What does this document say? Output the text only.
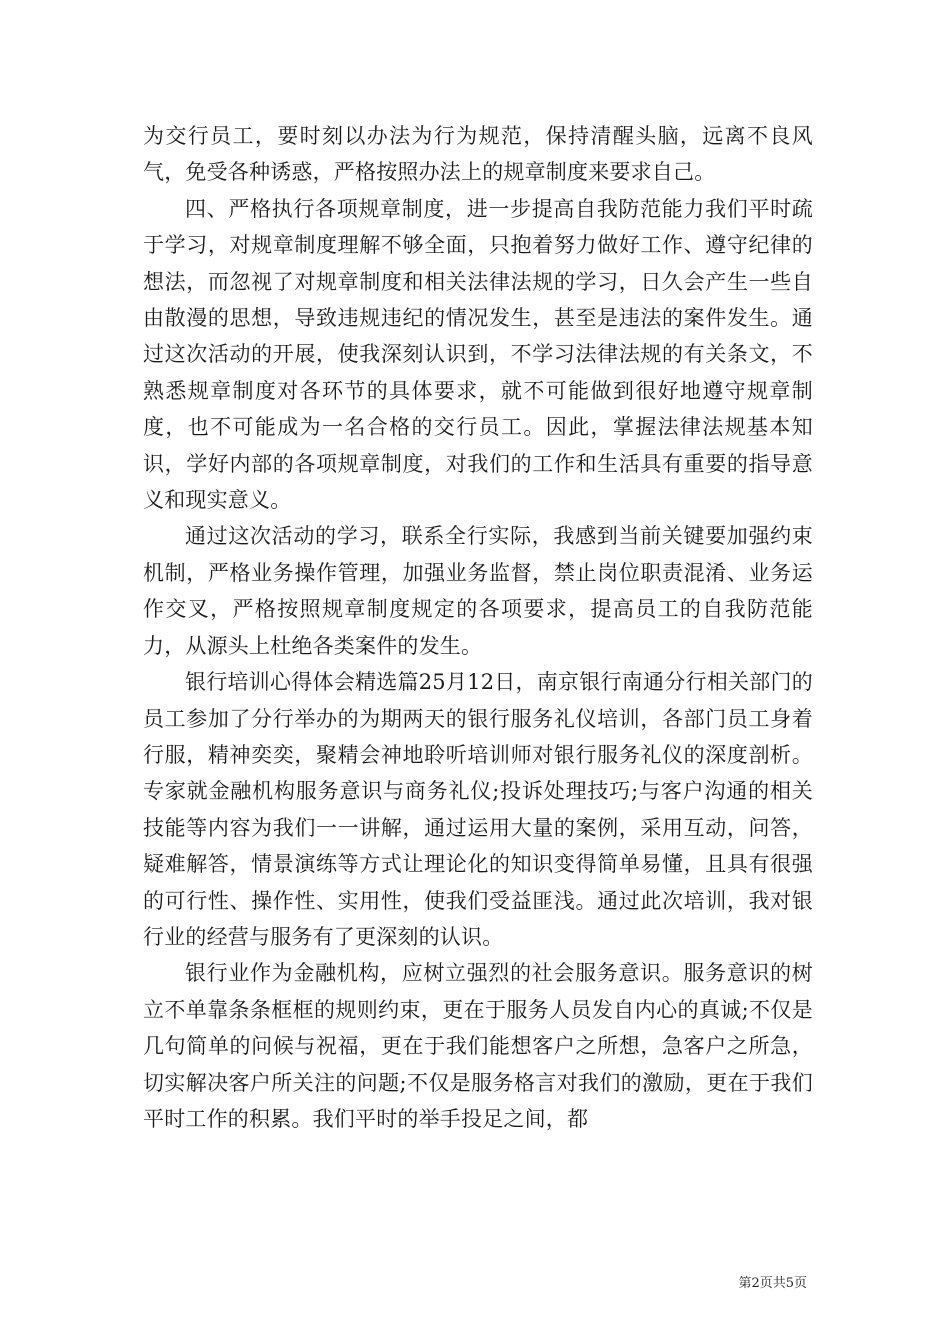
为交行员工，要时刻以办法为行为规范，保持清醒头脑，远离不良风气，免受各种诱惑，严格按照办法上的规章制度来要求自己。

四、严格执行各项规章制度，进一步提高自我防范能力我们平时疏于学习，对规章制度理解不够全面，只抱着努力做好工作、遵守纪律的想法，而忽视了对规章制度和相关法律法规的学习，日久会产生一些自由散漫的思想，导致违规违纪的情况发生，甚至是违法的案件发生。通过这次活动的开展，使我深刻认识到，不学习法律法规的有关条文，不熟悉规章制度对各环节的具体要求，就不可能做到很好地遵守规章制度，也不可能成为一名合格的交行员工。因此，掌握法律法规基本知识，学好内部的各项规章制度，对我们的工作和生活具有重要的指导意义和现实意义。

通过这次活动的学习，联系全行实际，我感到当前关键要加强约束机制，严格业务操作管理，加强业务监督，禁止岗位职责混淆、业务运作交叉，严格按照规章制度规定的各项要求，提高员工的自我防范能力，从源头上杜绝各类案件的发生。

银行培训心得体会精选篇25月12日，南京银行南通分行相关部门的员工参加了分行举办的为期两天的银行服务礼仪培训，各部门员工身着行服，精神奕奕，聚精会神地聆听培训师对银行服务礼仪的深度剖析。专家就金融机构服务意识与商务礼仪;投诉处理技巧;与客户沟通的相关技能等内容为我们一一讲解，通过运用大量的案例，采用互动，问答，疑难解答，情景演练等方式让理论化的知识变得简单易懂，且具有很强的可行性、操作性、实用性，使我们受益匪浅。通过此次培训，我对银行业的经营与服务有了更深刻的认识。

银行业作为金融机构，应树立强烈的社会服务意识。服务意识的树立不单靠条条框框的规则约束，更在于服务人员发自内心的真诚;不仅是几句简单的问候与祝福，更在于我们能想客户之所想，急客户之所急，切实解决客户所关注的问题;不仅是服务格言对我们的激励，更在于我们平时工作的积累。我们平时的举手投足之间，都

第2页共5页
